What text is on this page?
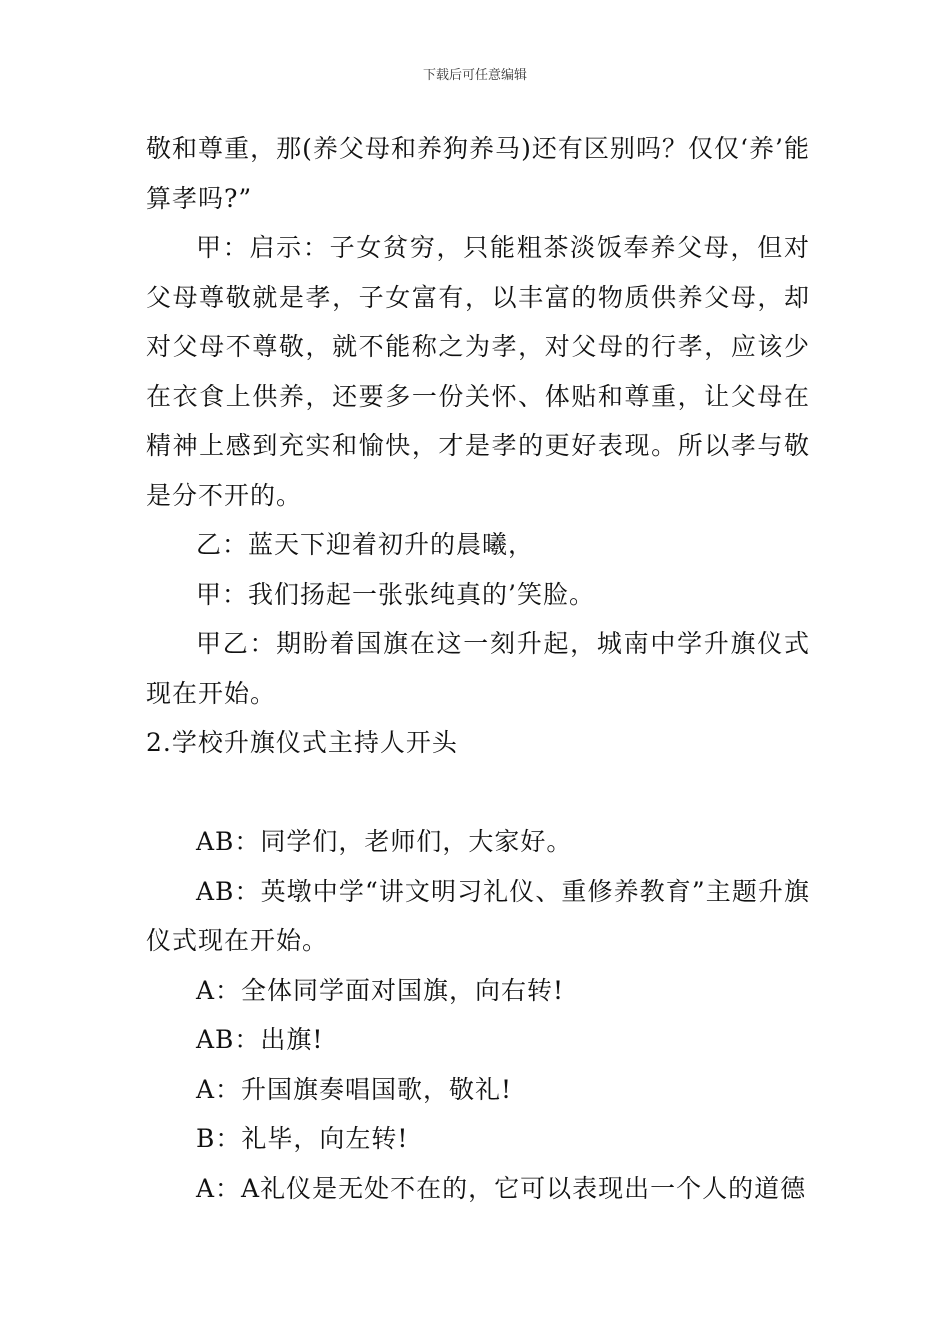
下载后可任意编辑

敬和尊重，那(养父母和养狗养马)还有区别吗？仅仅‘养’能算孝吗?”

甲：启示：子女贫穷，只能粗茶淡饭奉养父母，但对父母尊敬就是孝，子女富有，以丰富的物质供养父母，却对父母不尊敬，就不能称之为孝，对父母的行孝，应该少在衣食上供养，还要多一份关怀、体贴和尊重，让父母在精神上感到充实和愉快，才是孝的更好表现。所以孝与敬是分不开的。

乙：蓝天下迎着初升的晨曦，

甲：我们扬起一张张纯真的’笑脸。

甲乙：期盼着国旗在这一刻升起，城南中学升旗仪式现在开始。

2.学校升旗仪式主持人开头

AB：同学们，老师们，大家好。

AB：英墩中学“讲文明习礼仪、重修养教育”主题升旗仪式现在开始。

A：全体同学面对国旗，向右转!

AB：出旗!

A：升国旗奏唱国歌，敬礼!

B：礼毕，向左转!

A：A礼仪是无处不在的，它可以表现出一个人的道德
